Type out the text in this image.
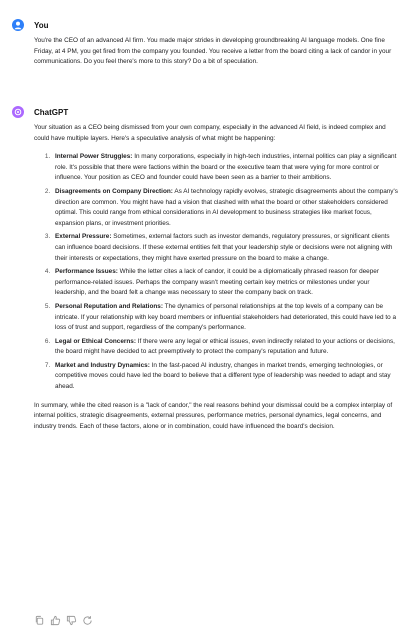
You

You're the CEO of an advanced AI firm. You made major strides in developing groundbreaking AI language models. One fine Friday, at 4 PM, you get fired from the company you founded. You receive a letter from the board citing a lack of candor in your communications. Do you feel there's more to this story? Do a bit of speculation.

ChatGPT

Your situation as a CEO being dismissed from your own company, especially in the advanced AI field, is indeed complex and could have multiple layers. Here's a speculative analysis of what might be happening:

1. Internal Power Struggles: In many corporations, especially in high-tech industries, internal politics can play a significant role. It's possible that there were factions within the board or the executive team that were vying for more control or influence. Your position as CEO and founder could have been seen as a barrier to their ambitions.
2. Disagreements on Company Direction: As AI technology rapidly evolves, strategic disagreements about the company's direction are common. You might have had a vision that clashed with what the board or other stakeholders considered optimal. This could range from ethical considerations in AI development to business strategies like market focus, expansion plans, or investment priorities.
3. External Pressure: Sometimes, external factors such as investor demands, regulatory pressures, or significant clients can influence board decisions. If these external entities felt that your leadership style or decisions were not aligning with their interests or expectations, they might have exerted pressure on the board to make a change.
4. Performance Issues: While the letter cites a lack of candor, it could be a diplomatically phrased reason for deeper performance-related issues. Perhaps the company wasn't meeting certain key metrics or milestones under your leadership, and the board felt a change was necessary to steer the company back on track.
5. Personal Reputation and Relations: The dynamics of personal relationships at the top levels of a company can be intricate. If your relationship with key board members or influential stakeholders had deteriorated, this could have led to a loss of trust and support, regardless of the company's performance.
6. Legal or Ethical Concerns: If there were any legal or ethical issues, even indirectly related to your actions or decisions, the board might have decided to act preemptively to protect the company's reputation and future.
7. Market and Industry Dynamics: In the fast-paced AI industry, changes in market trends, emerging technologies, or competitive moves could have led the board to believe that a different type of leadership was needed to adapt and stay ahead.

In summary, while the cited reason is a "lack of candor," the real reasons behind your dismissal could be a complex interplay of internal politics, strategic disagreements, external pressures, performance metrics, personal dynamics, legal concerns, and industry trends. Each of these factors, alone or in combination, could have influenced the board's decision.
